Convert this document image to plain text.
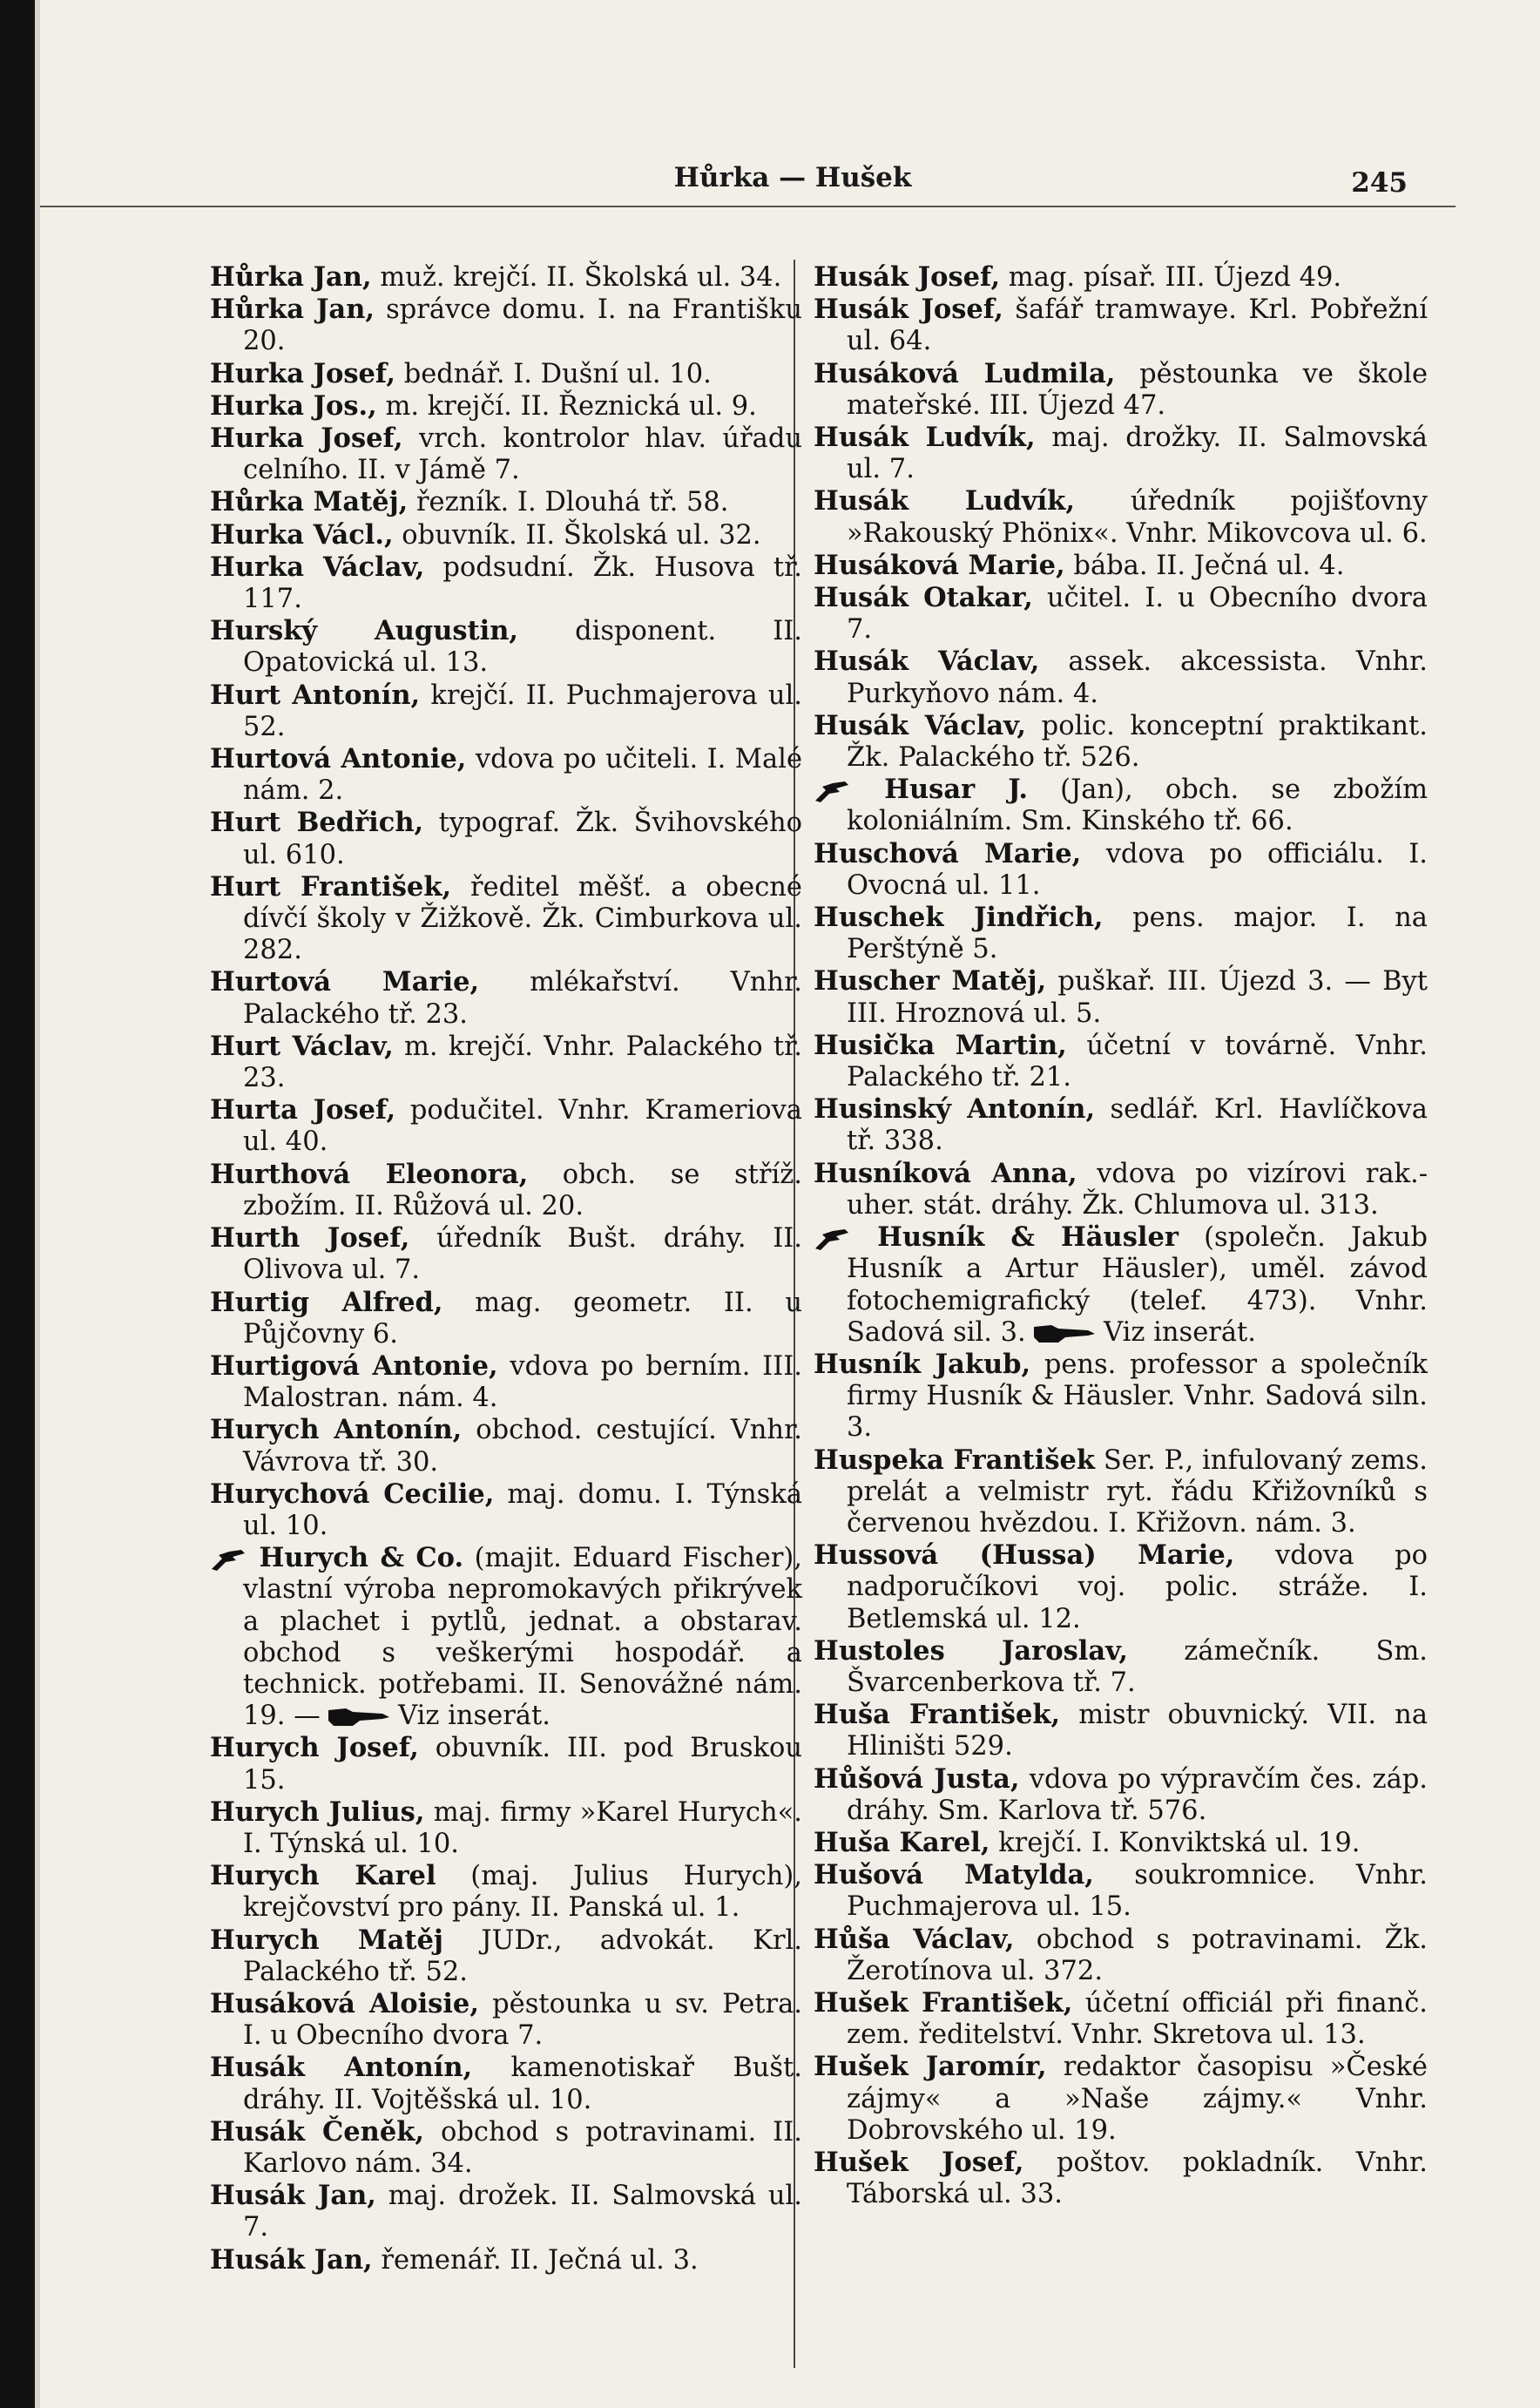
Hůrka — Hušek	245

Hůrka Jan, muž. krejčí. II. Školská ul. 34.

Hůrka Jan, správce domu. I. na Františku 20.

Hurka Josef, bednář. I. Dušní ul. 10.

Hurka Jos., m. krejčí. II. Řeznická ul. 9.

Hurka Josef, vrch. kontrolor hlav. úřadu celního. II. v Jámě 7.

Hůrka Matěj, řezník. I. Dlouhá tř. 58.

Hurka Václ., obuvník. II. Školská ul. 32.

Hurka Václav, podsudní. Žk. Husova tř. 117.

Hurský Augustin, disponent. II. Opatovická ul. 13.

Hurt Antonín, krejčí. II. Puchmajerova ul. 52.

Hurtová Antonie, vdova po učiteli. I. Malé nám. 2.

Hurt Bedřich, typograf. Žk. Švihovského ul. 610.

Hurt František, ředitel měšť. a obecné dívčí školy v Žižkově. Žk. Cimburkova ul. 282.

Hurtová Marie, mlékařství. Vnhr. Palackého tř. 23.

Hurt Václav, m. krejčí. Vnhr. Palackého tř. 23.

Hurta Josef, podučitel. Vnhr. Krameriova ul. 40.

Hurthová Eleonora, obch. se stříž. zbožím. II. Růžová ul. 20.

Hurth Josef, úředník Bušt. dráhy. II. Olivova ul. 7.

Hurtig Alfred, mag. geometr. II. u Půjčovny 6.

Hurtigová Antonie, vdova po berním. III. Malostran. nám. 4.

Hurych Antonín, obchod. cestující. Vnhr. Vávrova tř. 30.

Hurychová Cecilie, maj. domu. I. Týnská ul. 10.

Hurych & Co. (majit. Eduard Fischer), vlastní výroba nepromokavých přikrývek a plachet i pytlů, jednat. a obstarav. obchod s veškerými hospodář. a technick. potřebami. II. Senovážné nám. 19. —	Viz inserát.

Hurych Josef, obuvník. III. pod Bruskou 15.

Hurych Julius, maj. firmy »Karel Hurych«. I. Týnská ul. 10.

Hurych Karel (maj. Julius Hurych), krejčovství pro pány. II. Panská ul. 1.

Hurych Matěj JUDr., advokát. Krl. Palackého tř. 52.

Husáková Aloisie, pěstounka u sv. Petra. I. u Obecního dvora 7.

Husák Antonín, kamenotiskař Bušt. dráhy. II. Vojtěšská ul. 10.

Husák Čeněk, obchod s potravinami. II. Karlovo nám. 34.

Husák Jan, maj. drožek. II. Salmovská ul. 7.

Husák Jan, řemenář. II. Ječná ul. 3.

Husák Josef, mag. písař. III. Újezd 49.

Husák Josef, šafář tramwaye. Krl. Pobřežní ul. 64.

Husáková Ludmila, pěstounka ve škole mateřské. III. Újezd 47.

Husák Ludvík, maj. drožky. II. Salmovská ul. 7.

Husák Ludvík, úředník pojišťovny »Rakouský Phönix«. Vnhr. Mikovcova ul. 6.

Husáková Marie, bába. II. Ječná ul. 4.

Husák Otakar, učitel. I. u Obecního dvora 7.

Husák Václav, assek. akcessista. Vnhr. Purkyňovo nám. 4.

Husák Václav, polic. konceptní praktikant. Žk. Palackého tř. 526.

Husar J. (Jan), obch. se zbožím koloniálním. Sm. Kinského tř. 66.

Huschová Marie, vdova po officiálu. I. Ovocná ul. 11.

Huschek Jindřich, pens. major. I. na Perštýně 5.

Huscher Matěj, puškař. III. Újezd 3. — Byt III. Hroznová ul. 5.

Husička Martin, účetní v továrně. Vnhr. Palackého tř. 21.

Husinský Antonín, sedlář. Krl. Havlíčkova tř. 338.

Husníková Anna, vdova po vizírovi rak.-uher. stát. dráhy. Žk. Chlumova ul. 313.

Husník & Häusler (společn. Jakub Husník a Artur Häusler), uměl. závod fotochemigrafický (telef. 473). Vnhr. Sadová sil. 3.	Viz inserát.

Husník Jakub, pens. professor a společník firmy Husník & Häusler. Vnhr. Sadová siln. 3.

Huspeka František Ser. P., infulovaný zems. prelát a velmistr ryt. řádu Křižovníků s červenou hvězdou. I. Křižovn. nám. 3.

Hussová (Hussa) Marie, vdova po nadporučíkovi voj. polic. stráže. I. Betlemská ul. 12.

Hustoles Jaroslav, zámečník. Sm. Švarcenberkova tř. 7.

Huša František, mistr obuvnický. VII. na Hliništi 529.

Hůšová Justa, vdova po výpravčím čes. záp. dráhy. Sm. Karlova tř. 576.

Huša Karel, krejčí. I. Konviktská ul. 19.

Hušová Matylda, soukromnice. Vnhr. Puchmajerova ul. 15.

Hůša Václav, obchod s potravinami. Žk. Žerotínova ul. 372.

Hušek František, účetní officiál při finanč. zem. ředitelství. Vnhr. Skretova ul. 13.

Hušek Jaromír, redaktor časopisu »České zájmy« a »Naše zájmy.« Vnhr. Dobrovského ul. 19.

Hušek Josef, poštov. pokladník. Vnhr. Táborská ul. 33.
